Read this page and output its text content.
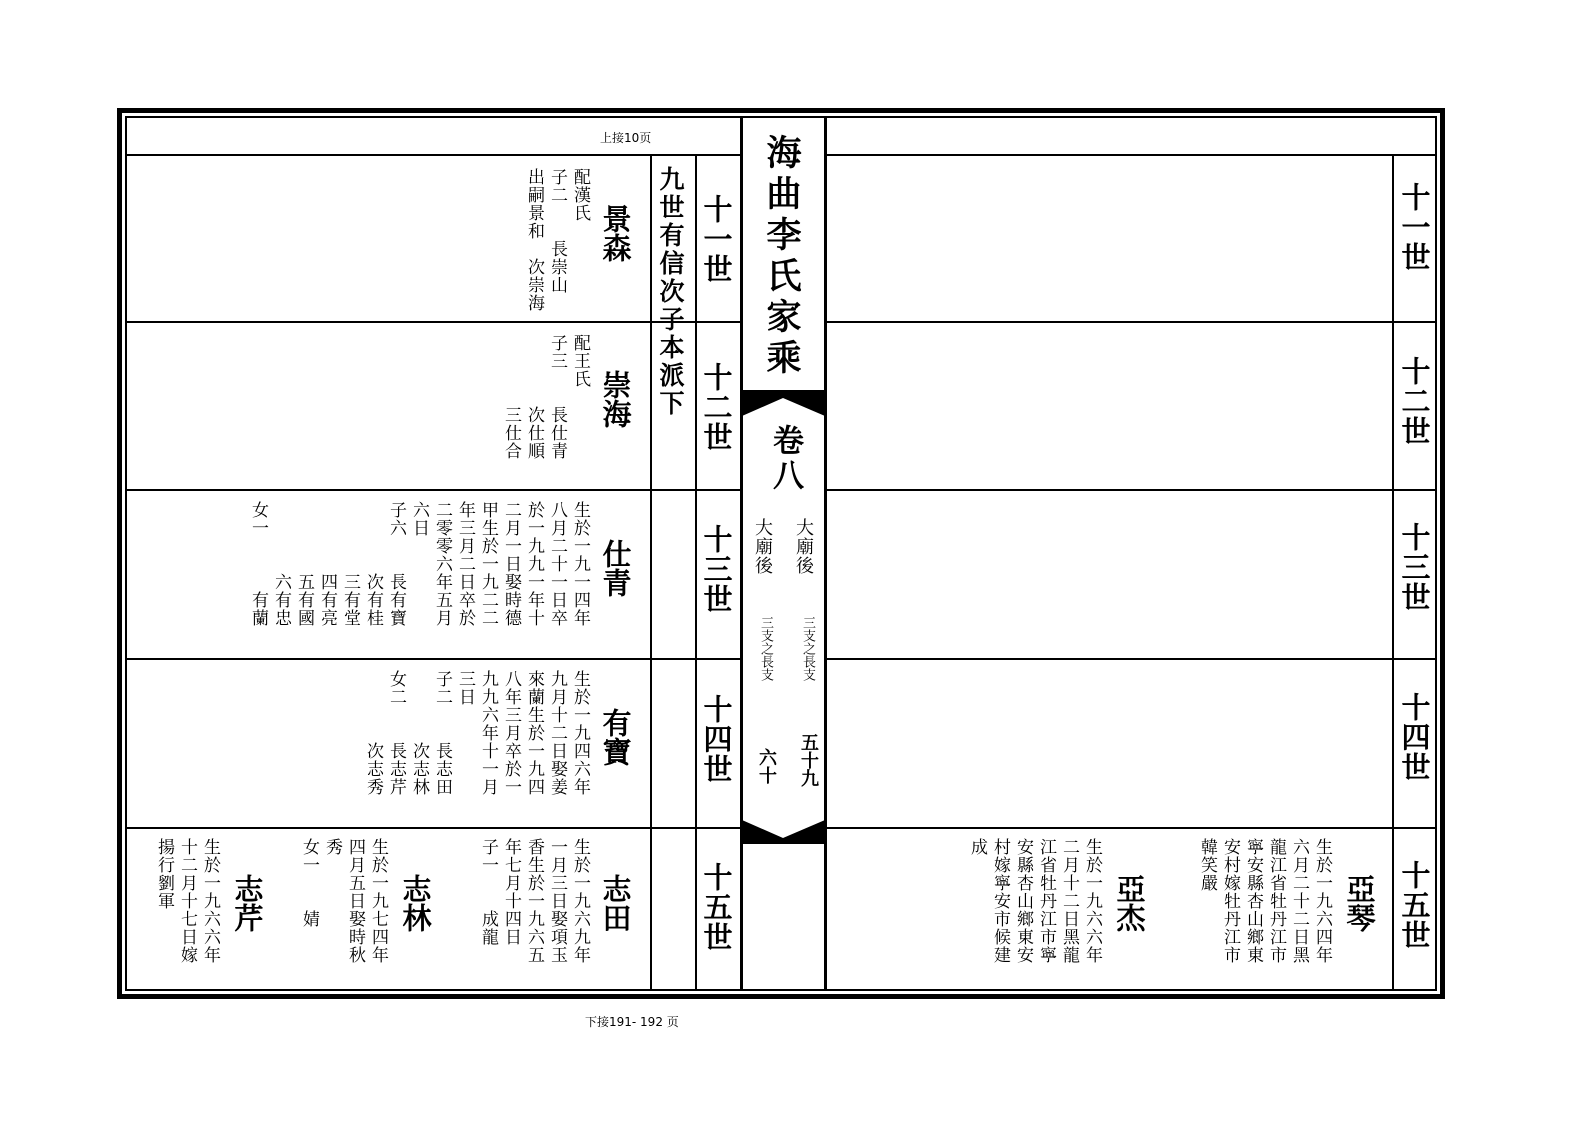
上接10页	海曲李氏家乘
卷八
大廟後
大廟後
三支之長支
三支之長支
五十九
六十
九世有信次子本派下 十一世
十二世
十三世
十四世
十五世
景森
配漢氏
子二　　長崇山
出嗣景和　次崇海
崇海
配王氏
子三　　長仕青
　　　　次仕順
　　　　三仕合
仕青
生於一九一四年
八月二十一日卒
於一九九一年十
二月一日娶時德
甲生於一九二二
年三月二日卒於
二零零六年五月
六日
子六　　長有寶
　　　　次有桂
　　　　三有堂
　　　　四有亮
　　　　五有國
　　　　六有忠
女一　　　有蘭
有寶
生於一九四六年
九月十二日娶姜
來蘭生於一九四
八年三月卒於一
九九六年十一月
三日
子二　　長志田
　　　　次志林
女二　　長志芹
　　　　次志秀
志田
生於一九六九年
一月三日娶項玉
香生於一九六五
年七月十四日
子一　　成龍
志林
生於一九七四年
四月五日娶時秋
秀
女一　　婧
志芹
生於一九六六年
十二月十七日嫁
揚行劉軍
十一世
十二世
十三世
十四世
十五世
亞琴
生於一九六四年
六月二十二日黑
龍江省牡丹江市
寧安縣杏山鄉東
安村嫁牡丹江市
韓笑嚴
亞杰
生於一九六六年
二月十二日黑龍
江省牡丹江市寧
安縣杏山鄉東安
村嫁寧安市候建
成
下接191- 192 页
